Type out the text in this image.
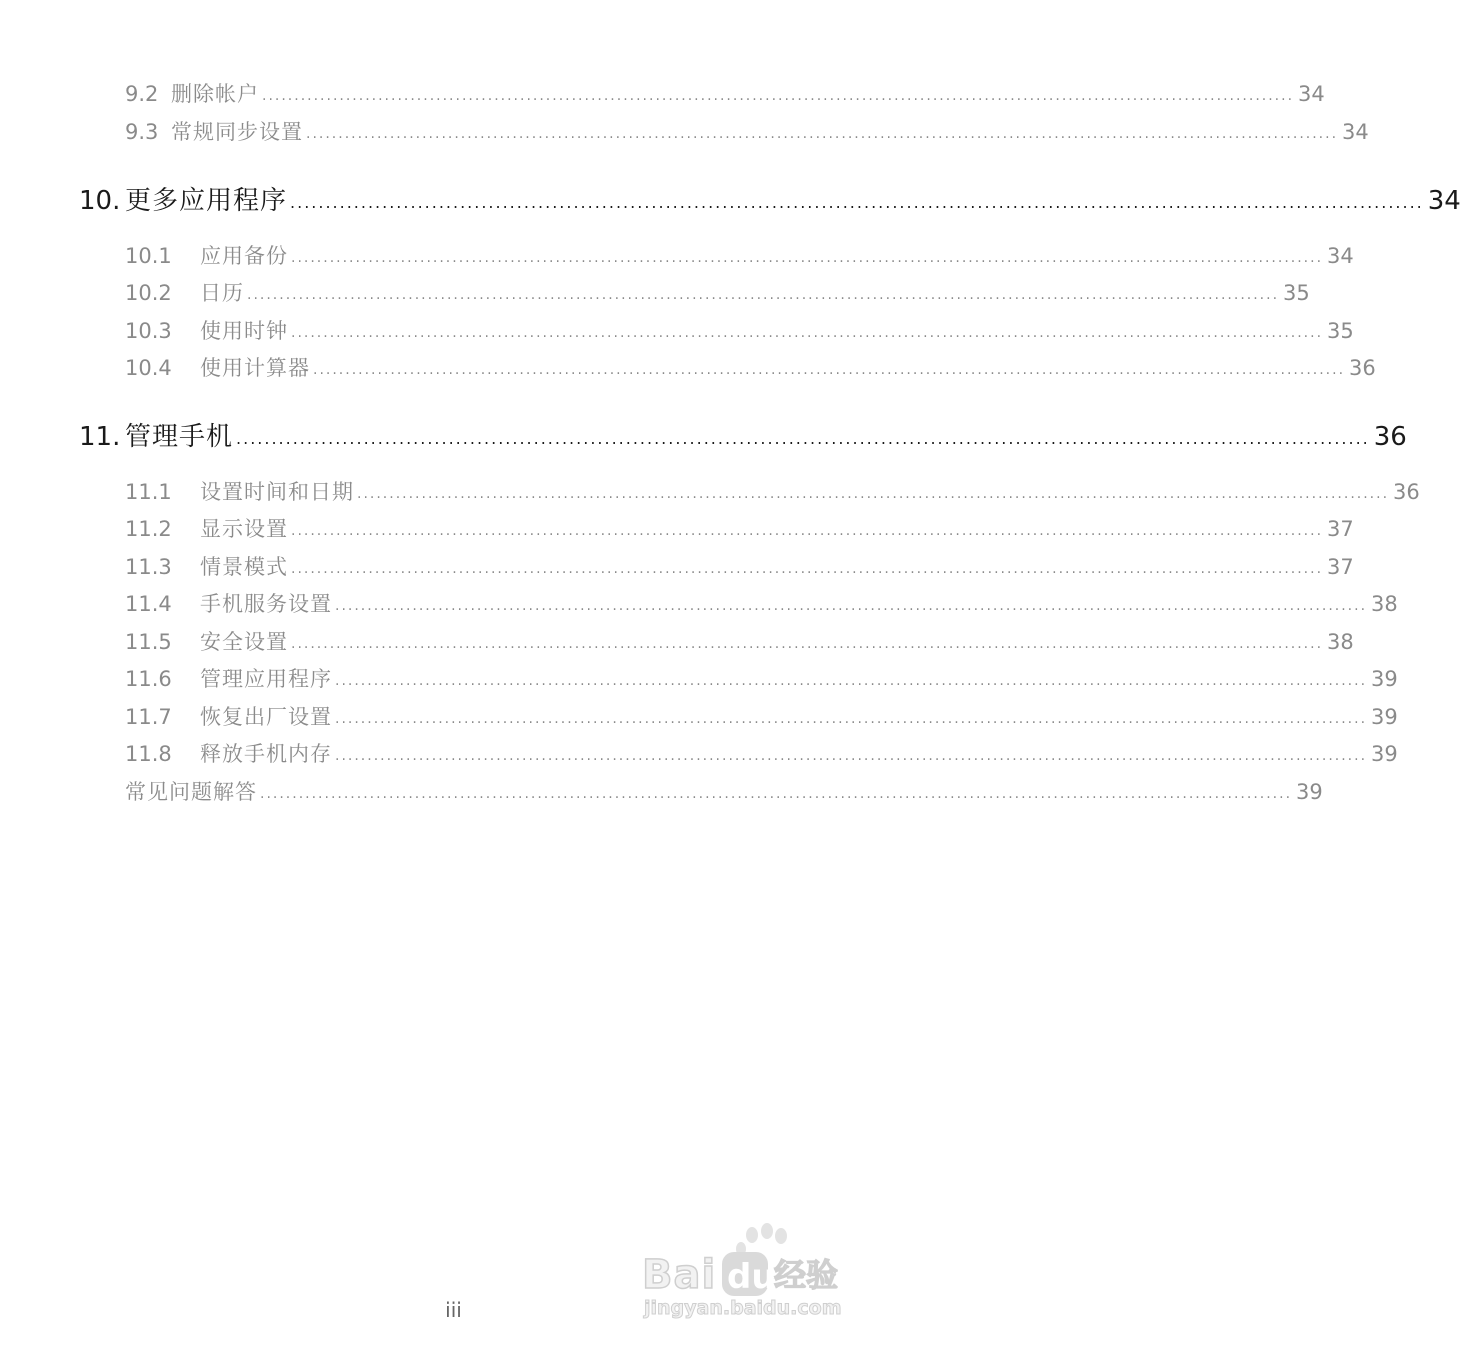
9.2 删除帐户 ................................................................................................................................................................ 34
9.3 常规同步设置 ................................................................................................................................................................ 34
10. 更多应用程序 ................................................................................................................................................................ 34
10.1	应用备份 ................................................................................................................................................................ 34
10.2	日历 ................................................................................................................................................................ 35
10.3	使用时钟 ................................................................................................................................................................ 35
10.4	使用计算器 ................................................................................................................................................................ 36
11. 管理手机 ................................................................................................................................................................ 36
11.1	设置时间和日期 ................................................................................................................................................................ 36
11.2	显示设置 ................................................................................................................................................................ 37
11.3	情景模式 ................................................................................................................................................................ 37
11.4	手机服务设置 ................................................................................................................................................................ 38
11.5	安全设置 ................................................................................................................................................................ 38
11.6	管理应用程序 ................................................................................................................................................................ 39
11.7	恢复出厂设置 ................................................................................................................................................................ 39
11.8	释放手机内存 ................................................................................................................................................................ 39
常见问题解答 ................................................................................................................................................................ 39
iii
Bai du
经验
jingyan.baidu.com
